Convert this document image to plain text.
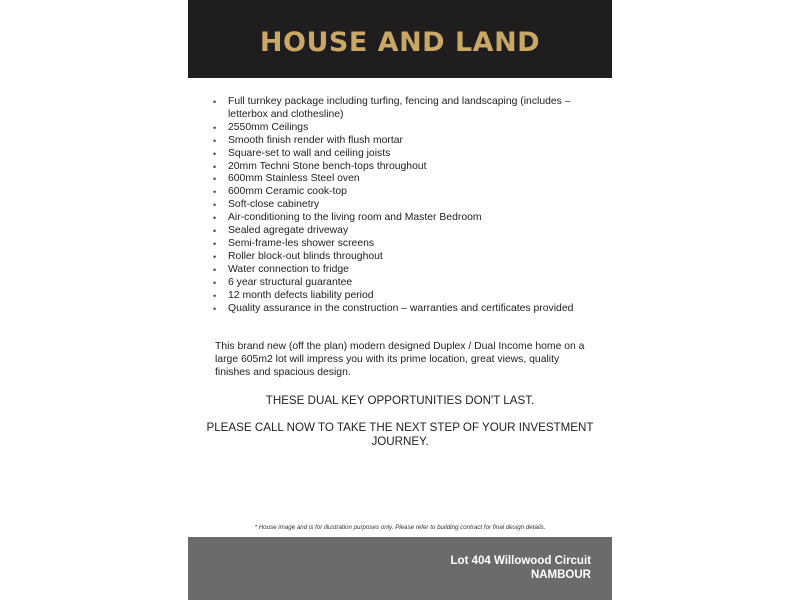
HOUSE AND LAND
• Full turnkey package including turfing, fencing and landscaping (includes – letterbox and clothesline)
• 2550mm Ceilings
• Smooth finish render with flush mortar
• Square-set to wall and ceiling joists
• 20mm Techni Stone bench-tops throughout
• 600mm Stainless Steel oven
• 600mm Ceramic cook-top
• Soft-close cabinetry
• Air-conditioning to the living room and Master Bedroom
• Sealed agregate driveway
• Semi-frame-les shower screens
• Roller block-out blinds throughout
• Water connection to fridge
• 6 year structural guarantee
• 12 month defects liability period
• Quality assurance in the construction – warranties and certificates provided

This brand new (off the plan) modern designed Duplex / Dual Income home on a large 605m2 lot will impress you with its prime location, great views, quality finishes and spacious design.

THESE DUAL KEY OPPORTUNITIES DON'T LAST.

PLEASE CALL NOW TO TAKE THE NEXT STEP OF YOUR INVESTMENT JOURNEY.

* House image and is for illustration purposes only. Please refer to building contract for final design details.

Lot 404 Willowood Circuit
NAMBOUR
